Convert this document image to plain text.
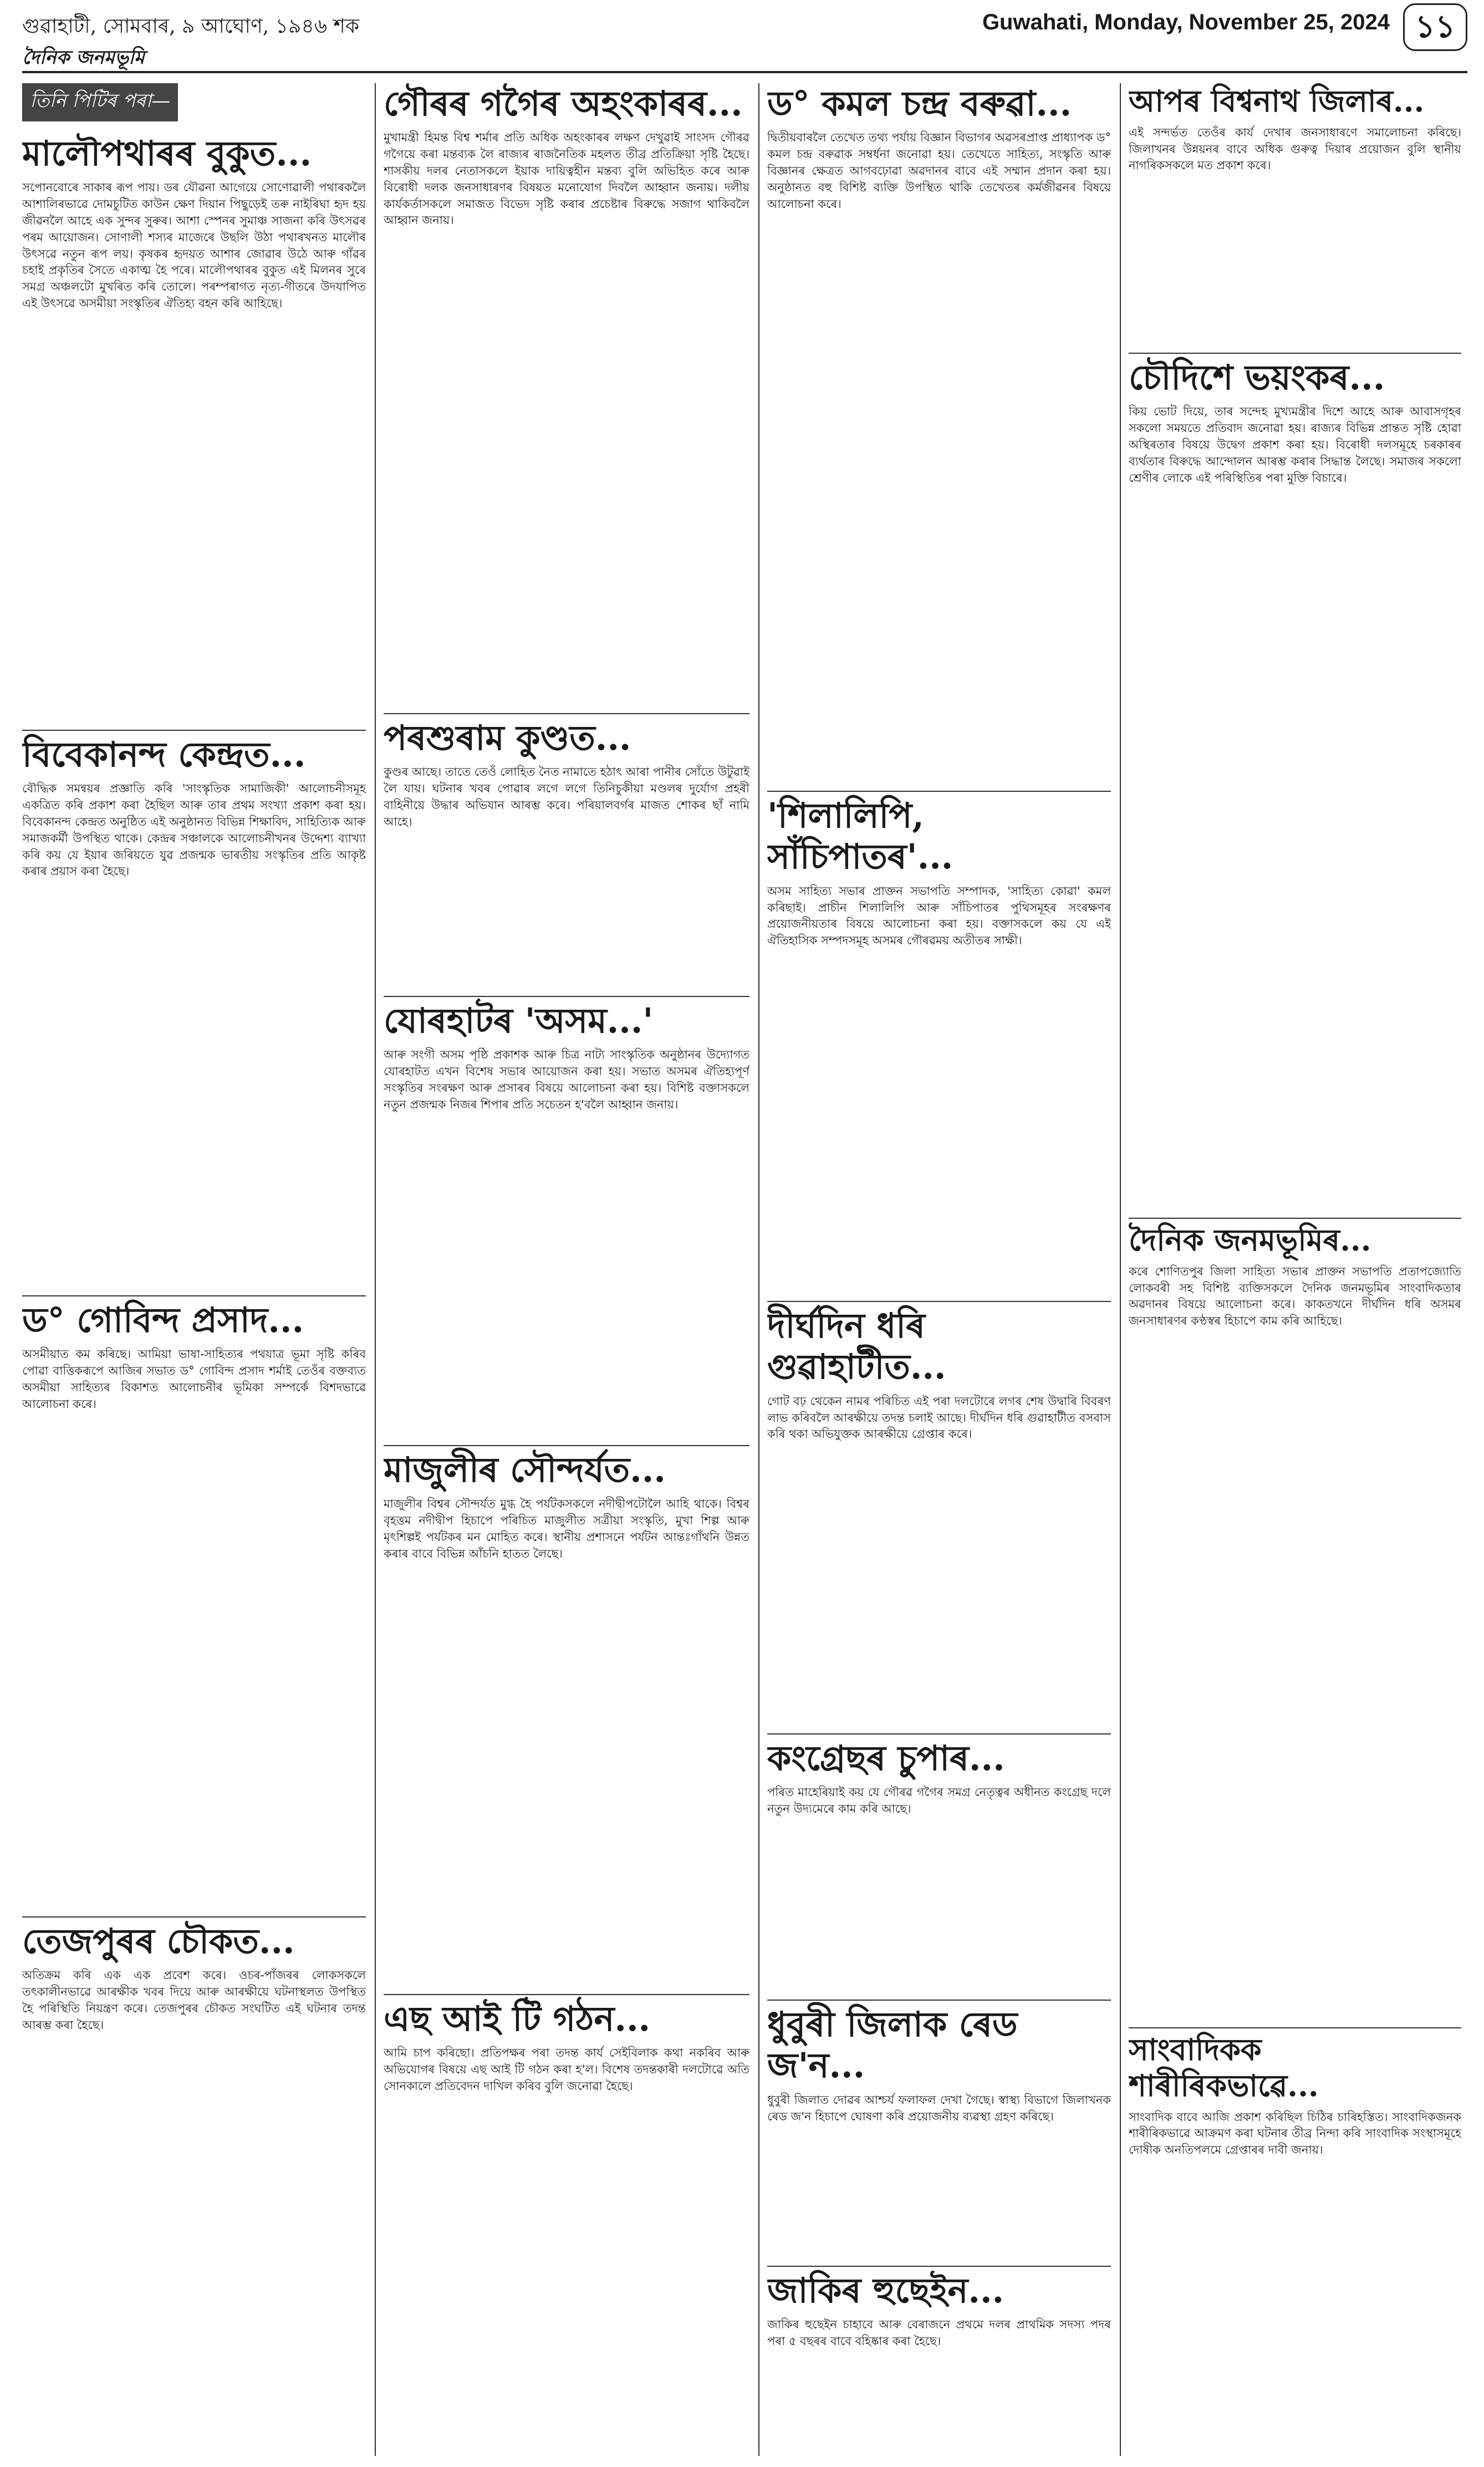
গুৱাহাটী, সোমবাৰ, ৯ আঘোণ, ১৯৪৬ শক	Guwahati, Monday, November 25, 2024 ১১
দৈনিক জনমভূমি
তিনি পিটিৰ পৰা—
মালৌপথাৰৰ বুকুত...

সপোনবোৰে সাকাৰ ৰূপ পায়। ডৰ যৌৱনা আগেয়ে সোণোৱালী পথাৰকলৈ আশালিৰভাৱে দোমচুটিত কাউন ক্ষেণ দিয়ান পিছুড়েই তৰু নাইৰিঘা হৃদ হয় জীৱনলৈ আহে এক সুন্দৰ সুৰুৰ। আশা স্পেনৰ সুমাঞ্চ সাজনা কৰি উৎসৱৰ পৰম আয়োজন। সোণালী শস্যৰ মাজেৰে উছলি উঠা পথাৰখনত মালৌৰ উৎসৱে নতুন ৰূপ লয়। কৃষকৰ হৃদয়ত আশাৰ জোৱাৰ উঠে আৰু গাঁৱৰ চহাই প্ৰকৃতিৰ সৈতে একাত্ম হৈ পৰে। মালৌপথাৰৰ বুকুত এই মিলনৰ সুৰে সমগ্ৰ অঞ্চলটো মুখৰিত কৰি তোলে। পৰম্পৰাগত নৃত্য-গীতৰে উদযাপিত এই উৎসৱে অসমীয়া সংস্কৃতিৰ ঐতিহ্য বহন কৰি আহিছে।

বিবেকানন্দ কেন্দ্ৰত...

বৌদ্ধিক সমন্বয়ৰ প্ৰজ্ঞাতি কৰি 'সাংস্কৃতিক সামাজিকী' আলোচনীসমূহ একত্ৰিত কৰি প্ৰকাশ কৰা হৈছিল আৰু তাৰ প্ৰথম সংখ্যা প্ৰকাশ কৰা হয়। বিবেকানন্দ কেন্দ্ৰত অনুষ্ঠিত এই অনুষ্ঠানত বিভিন্ন শিক্ষাবিদ, সাহিত্যিক আৰু সমাজকৰ্মী উপস্থিত থাকে। কেন্দ্ৰৰ সঞ্চালকে আলোচনীখনৰ উদ্দেশ্য ব্যাখ্যা কৰি কয় যে ইয়াৰ জৰিয়তে যুৱ প্ৰজন্মক ভাৰতীয় সংস্কৃতিৰ প্ৰতি আকৃষ্ট কৰাৰ প্ৰয়াস কৰা হৈছে।

ড° গোবিন্দ প্ৰসাদ...

অসমীয়াত কম কৰিছে। আমিয়া ভাষা-সাহিত্যৰ পথযাত্ৰ ভূমা সৃষ্টি কৰিব পোৱা বাত্তিকৰূপে আজিৰ সভাত ড° গোবিন্দ প্ৰসাদ শৰ্মাই তেওঁৰ বক্তব্যত অসমীয়া সাহিত্যৰ বিকাশত আলোচনীৰ ভূমিকা সম্পৰ্কে বিশদভাৱে আলোচনা কৰে।

তেজপুৰৰ চৌকত...

অতিক্ৰম কৰি এক এক প্ৰবেশ কৰে। ওচৰ-পাঁজৰৰ লোকসকলে তৎকালীনভাৱে আৰক্ষীক খবৰ দিয়ে আৰু আৰক্ষীয়ে ঘটনাস্থলত উপস্থিত হৈ পৰিস্থিতি নিয়ন্ত্ৰণ কৰে। তেজপুৰৰ চৌকত সংঘটিত এই ঘটনাৰ তদন্ত আৰম্ভ কৰা হৈছে।

গৌৰৰ গগৈৰ অহংকাৰৰ...

মুখামন্ত্ৰী হিমন্ত বিশ্ব শৰ্মাৰ প্ৰতি অধিক অহংকাৰৰ লক্ষণ দেখুৱাই সাংসদ গৌৰৱ গগৈয়ে কৰা মন্তব্যক লৈ ৰাজ্যৰ ৰাজনৈতিক মহলত তীব্ৰ প্ৰতিক্ৰিয়া সৃষ্টি হৈছে। শাসকীয় দলৰ নেতাসকলে ইয়াক দায়িত্বহীন মন্তব্য বুলি অভিহিত কৰে আৰু বিৰোধী দলক জনসাধাৰণৰ বিষয়ত মনোযোগ দিবলৈ আহ্বান জনায়। দলীয় কাৰ্যকৰ্তাসকলে সমাজত বিভেদ সৃষ্টি কৰাৰ প্ৰচেষ্টাৰ বিৰুদ্ধে সজাগ থাকিবলৈ আহ্বান জনায়।

পৰশুৰাম কুণ্ডত...

কুণ্ডৰ আছে। তাতে তেওঁ লোহিত নৈত নামাতে হঠাৎ আৰা পানীৰ সোঁতে উটুৱাই লৈ যায়। ঘটনাৰ খবৰ পোৱাৰ লগে লগে তিনিচুকীয়া মণ্ডলৰ দুৰ্যোগ প্ৰহৰী বাহিনীয়ে উদ্ধাৰ অভিযান আৰম্ভ কৰে। পৰিয়ালবৰ্গৰ মাজত শোকৰ ছাঁ নামি আহে।

যোৰহাটৰ 'অসম...'

আৰু সংগী অসম পৃষ্ঠি প্ৰকাশক আৰু চিত্ৰ নাট্য সাংস্কৃতিক অনুষ্ঠানৰ উদ্যোগত যোৰহাটত এখন বিশেষ সভাৰ আয়োজন কৰা হয়। সভাত অসমৰ ঐতিহ্যপূৰ্ণ সংস্কৃতিৰ সংৰক্ষণ আৰু প্ৰসাৰৰ বিষয়ে আলোচনা কৰা হয়। বিশিষ্ট বক্তাসকলে নতুন প্ৰজন্মক নিজৰ শিপাৰ প্ৰতি সচেতন হ'বলৈ আহ্বান জনায়।

মাজুলীৰ সৌন্দৰ্যত...

মাজুলীৰ বিশ্বৰ সৌন্দৰ্যত মুগ্ধ হৈ পৰ্যটকসকলে নদীদ্বীপটোলৈ আহি থাকে। বিশ্বৰ বৃহত্তম নদীদ্বীপ হিচাপে পৰিচিত মাজুলীত সত্ৰীয়া সংস্কৃতি, মুখা শিল্প আৰু মৃৎশিল্পই পৰ্যটকৰ মন মোহিত কৰে। স্থানীয় প্ৰশাসনে পৰ্যটন আন্তঃগাঁথনি উন্নত কৰাৰ বাবে বিভিন্ন আঁচনি হাতত লৈছে।

এছ আই টি গঠন...

আমি চাপ কৰিছো। প্ৰতিপক্ষৰ পৰা তদন্ত কাৰ্য সেইবিলাক কথা নকৰিব আৰু অভিযোগৰ বিষয়ে এছ আই টি গঠন কৰা হ'ল। বিশেষ তদন্তকাৰী দলটোৱে অতি সোনকালে প্ৰতিবেদন দাখিল কৰিব বুলি জনোৱা হৈছে।

ড° কমল চন্দ্ৰ বৰুৱা...

দ্বিতীয়বাৰলৈ তেখেত তথ্য পৰ্যায় বিজ্ঞান বিভাগৰ অৱসৰপ্ৰাপ্ত প্ৰাধ্যাপক ড° কমল চন্দ্ৰ বৰুৱাক সম্বৰ্ধনা জনোৱা হয়। তেখেতে সাহিত্য, সংস্কৃতি আৰু বিজ্ঞানৰ ক্ষেত্ৰত আগবঢ়োৱা অৱদানৰ বাবে এই সম্মান প্ৰদান কৰা হয়। অনুষ্ঠানত বহু বিশিষ্ট ব্যক্তি উপস্থিত থাকি তেখেতৰ কৰ্মজীৱনৰ বিষয়ে আলোচনা কৰে।

'শিলালিপি, সাঁচিপাতৰ'...

অসম সাহিত্য সভাৰ প্ৰাক্তন সভাপতি সম্পাদক, 'সাহিত্য কোৱা' কমল কৰিছাই। প্ৰাচীন শিলালিপি আৰু সাঁচিপাতৰ পুথিসমূহৰ সংৰক্ষণৰ প্ৰয়োজনীয়তাৰ বিষয়ে আলোচনা কৰা হয়। বক্তাসকলে কয় যে এই ঐতিহাসিক সম্পদসমূহ অসমৰ গৌৰৱময় অতীতৰ সাক্ষী।

দীৰ্ঘদিন ধৰি গুৱাহাটীত...

গোট বঢ় থেকেন নামৰ পৰিচিত এই পৰা দলটোৰে লগৰ শেষ উদ্বাৰি বিবৰণ লাভ কৰিবলৈ আৰক্ষীয়ে তদন্ত চলাই আছে। দীৰ্ঘদিন ধৰি গুৱাহাটীত বসবাস কৰি থকা অভিযুক্তক আৰক্ষীয়ে গ্ৰেপ্তাৰ কৰে।

কংগ্ৰেছৰ চুপাৰ...

পৰিত মাহেৰিয়াই কয় যে গৌৰৱ গগৈৰ সমগ্ৰ নেতৃত্বৰ অধীনত কংগ্ৰেছ দলে নতুন উদ্যমেৰে কাম কৰি আছে।

ধুবুৰী জিলাক ৰেড জ'ন...

ধুবুৰী জিলাত দোৱৰ আশ্চৰ্য ফলাফল দেখা গৈছে। স্বাস্থ্য বিভাগে জিলাখনক ৰেড জ'ন হিচাপে ঘোষণা কৰি প্ৰয়োজনীয় ব্যৱস্থা গ্ৰহণ কৰিছে।

জাকিৰ হুছেইন...

জাকিৰ হুছেইন চাহাবে আৰু বেৰাজনে প্ৰথমে দলৰ প্ৰাথমিক সদস্য পদৰ পৰা ৫ বছৰৰ বাবে বহিষ্কাৰ কৰা হৈছে।

আপৰ বিশ্বনাথ জিলাৰ...

এই সন্দৰ্ভত তেওঁৰ কাৰ্য দেখাৰ জনসাধাৰণে সমালোচনা কৰিছে। জিলাখনৰ উন্নয়নৰ বাবে অধিক গুৰুত্ব দিয়াৰ প্ৰয়োজন বুলি স্থানীয় নাগৰিকসকলে মত প্ৰকাশ কৰে।

চৌদিশে ভয়ংকৰ...

কিয় ভোট দিয়ে, তাৰ সন্দেহ মুখ্যমন্ত্ৰীৰ দিশে আহে আৰু আবাসগৃহৰ সকলো সময়তে প্ৰতিবাদ জনোৱা হয়। ৰাজ্যৰ বিভিন্ন প্ৰান্তত সৃষ্টি হোৱা অস্থিৰতাৰ বিষয়ে উদ্বেগ প্ৰকাশ কৰা হয়। বিৰোধী দলসমূহে চৰকাৰৰ ব্যৰ্থতাৰ বিৰুদ্ধে আন্দোলন আৰম্ভ কৰাৰ সিদ্ধান্ত লৈছে। সমাজৰ সকলো শ্ৰেণীৰ লোকে এই পৰিস্থিতিৰ পৰা মুক্তি বিচাৰে।

দৈনিক জনমভূমিৰ...

কৰে শোণিতপুৰ জিলা সাহিত্য সভাৰ প্ৰাক্তন সভাপতি প্ৰতাপজ্যোতি লোকবৰী সহ বিশিষ্ট ব্যক্তিসকলে দৈনিক জনমভূমিৰ সাংবাদিকতাৰ অৱদানৰ বিষয়ে আলোচনা কৰে। কাকতখনে দীৰ্ঘদিন ধৰি অসমৰ জনসাধাৰণৰ কণ্ঠস্বৰ হিচাপে কাম কৰি আহিছে।

সাংবাদিকক শাৰীৰিকভাৱে...

সাংবাদিক বাবে আজি প্ৰকাশ কৰিছিল চিঠিৰ চাৰিহস্তিত। সাংবাদিকজনক শাৰীৰিকভাৱে আক্ৰমণ কৰা ঘটনাৰ তীব্ৰ নিন্দা কৰি সাংবাদিক সংস্থাসমূহে দোষীক অনতিপলমে গ্ৰেপ্তাৰৰ দাবী জনায়।
